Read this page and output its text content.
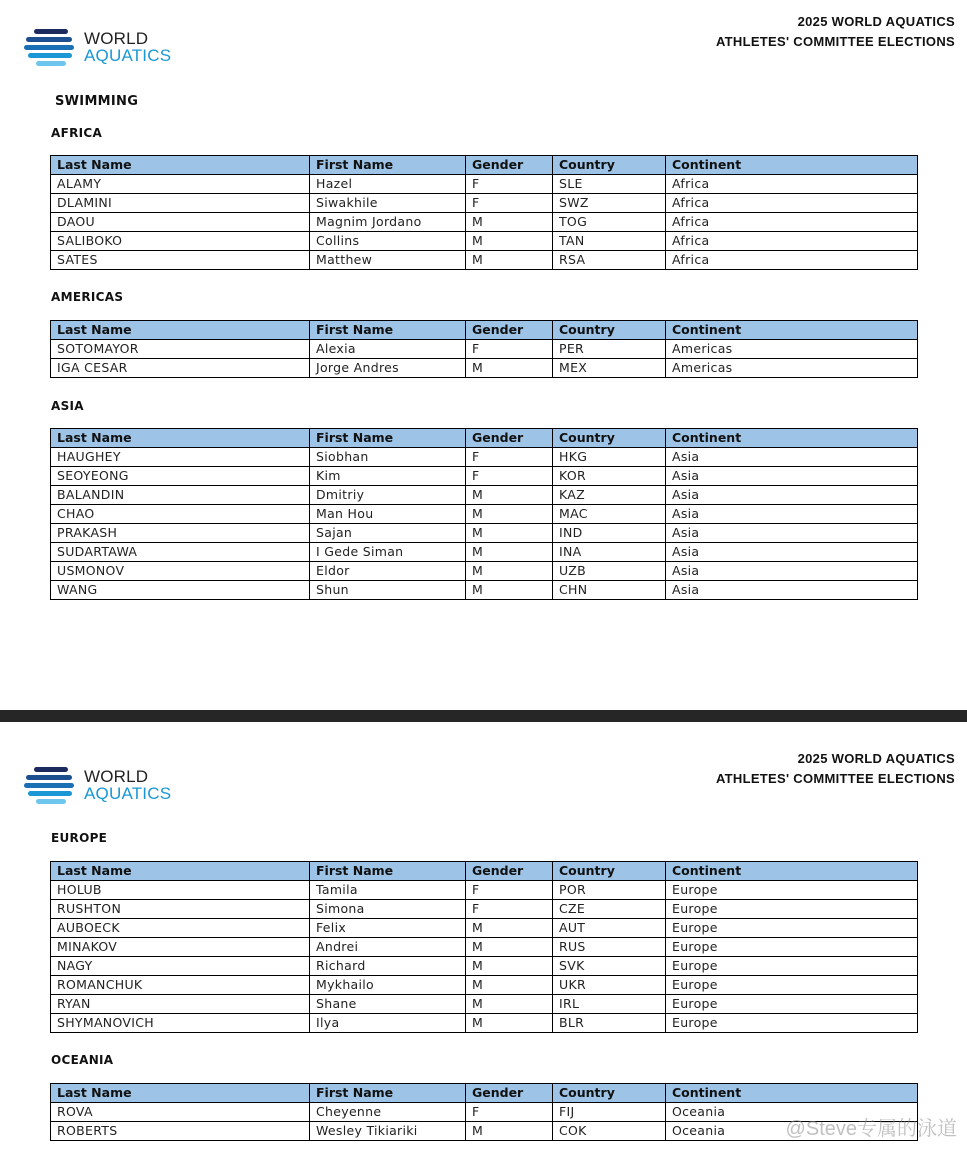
WORLD
AQUATICS
2025 WORLD AQUATICS
ATHLETES' COMMITTEE ELECTIONS
SWIMMING
AFRICA
Last Name	First Name	Gender	Country	Continent
ALAMY	Hazel	F	SLE	Africa
DLAMINI	Siwakhile	F	SWZ	Africa
DAOU	Magnim Jordano	M	TOG	Africa
SALIBOKO	Collins	M	TAN	Africa
SATES	Matthew	M	RSA	Africa
AMERICAS
Last Name	First Name	Gender	Country	Continent
SOTOMAYOR	Alexia	F	PER	Americas
IGA CESAR	Jorge Andres	M	MEX	Americas
ASIA
Last Name	First Name	Gender	Country	Continent
HAUGHEY	Siobhan	F	HKG	Asia
SEOYEONG	Kim	F	KOR	Asia
BALANDIN	Dmitriy	M	KAZ	Asia
CHAO	Man Hou	M	MAC	Asia
PRAKASH	Sajan	M	IND	Asia
SUDARTAWA	I Gede Siman	M	INA	Asia
USMONOV	Eldor	M	UZB	Asia
WANG	Shun	M	CHN	Asia
WORLD
AQUATICS
2025 WORLD AQUATICS
ATHLETES' COMMITTEE ELECTIONS
EUROPE
Last Name	First Name	Gender	Country	Continent
HOLUB	Tamila	F	POR	Europe
RUSHTON	Simona	F	CZE	Europe
AUBOECK	Felix	M	AUT	Europe
MINAKOV	Andrei	M	RUS	Europe
NAGY	Richard	M	SVK	Europe
ROMANCHUK	Mykhailo	M	UKR	Europe
RYAN	Shane	M	IRL	Europe
SHYMANOVICH	Ilya	M	BLR	Europe
OCEANIA
Last Name	First Name	Gender	Country	Continent
ROVA	Cheyenne	F	FIJ	Oceania
ROBERTS	Wesley Tikiariki	M	COK	Oceania	@Steve专属的泳道
